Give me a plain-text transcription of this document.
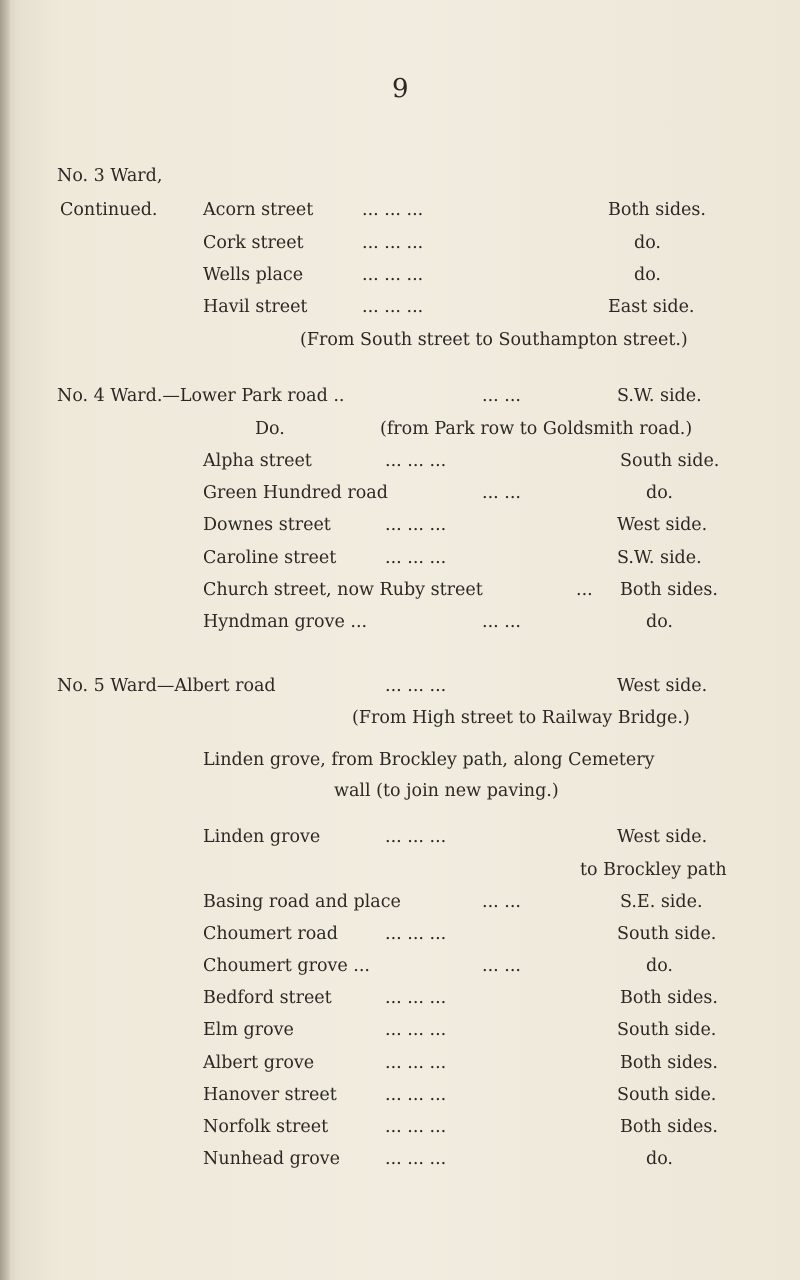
9
No. 3 Ward,
Continued.	Acorn street	... ... ...	Both sides.
Cork street	... ... ...	do.
Wells place	... ... ...	do.
Havil street	... ... ...	East side.
(From South street to Southampton street.)
No. 4 Ward.—Lower Park road ..	... ...	S.W. side.
Do.	(from Park row to Goldsmith road.)
Alpha street	... ... ...	South side.
Green Hundred road	... ...	do.
Downes street	... ... ...	West side.
Caroline street	... ... ...	S.W. side.
Church street, now Ruby street	... Both sides.
Hyndman grove ...	... ...	do.
No. 5 Ward—Albert road	... ... ...	West side.
(From High street to Railway Bridge.)
Linden grove, from Brockley path, along Cemetery
wall (to join new paving.)
Linden grove	... ... ...	West side.
to Brockley path
Basing road and place	... ...	S.E. side.
Choumert road	... ... ...	South side.
Choumert grove ...	... ...	do.
Bedford street	... ... ...	Both sides.
Elm grove	... ... ...	South side.
Albert grove	... ... ...	Both sides.
Hanover street	... ... ...	South side.
Norfolk street	... ... ...	Both sides.
Nunhead grove	... ... ...	do.
